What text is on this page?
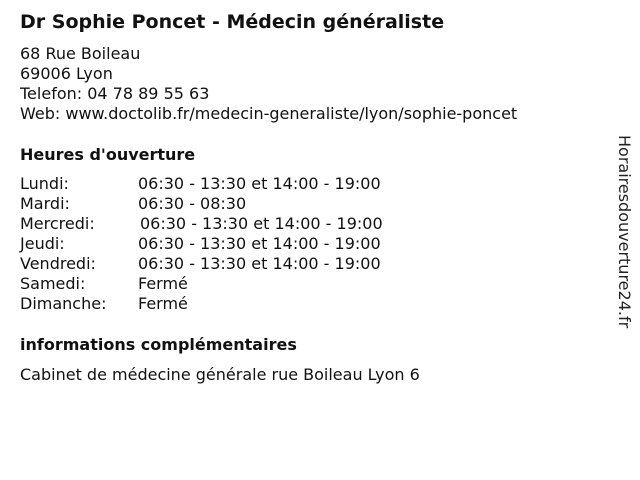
Dr Sophie Poncet - Médecin généraliste
68 Rue Boileau
69006 Lyon
Telefon: 04 78 89 55 63
Web: www.doctolib.fr/medecin-generaliste/lyon/sophie-poncet
Heures d'ouverture
Lundi:	06:30 - 13:30 et 14:00 - 19:00
Mardi:	06:30 - 08:30
Mercredi:	06:30 - 13:30 et 14:00 - 19:00
Jeudi:	06:30 - 13:30 et 14:00 - 19:00
Vendredi:	06:30 - 13:30 et 14:00 - 19:00
Samedi:	Fermé
Dimanche: Fermé
informations complémentaires
Cabinet de médecine générale rue Boileau Lyon 6
Horairesdouverture24.fr
